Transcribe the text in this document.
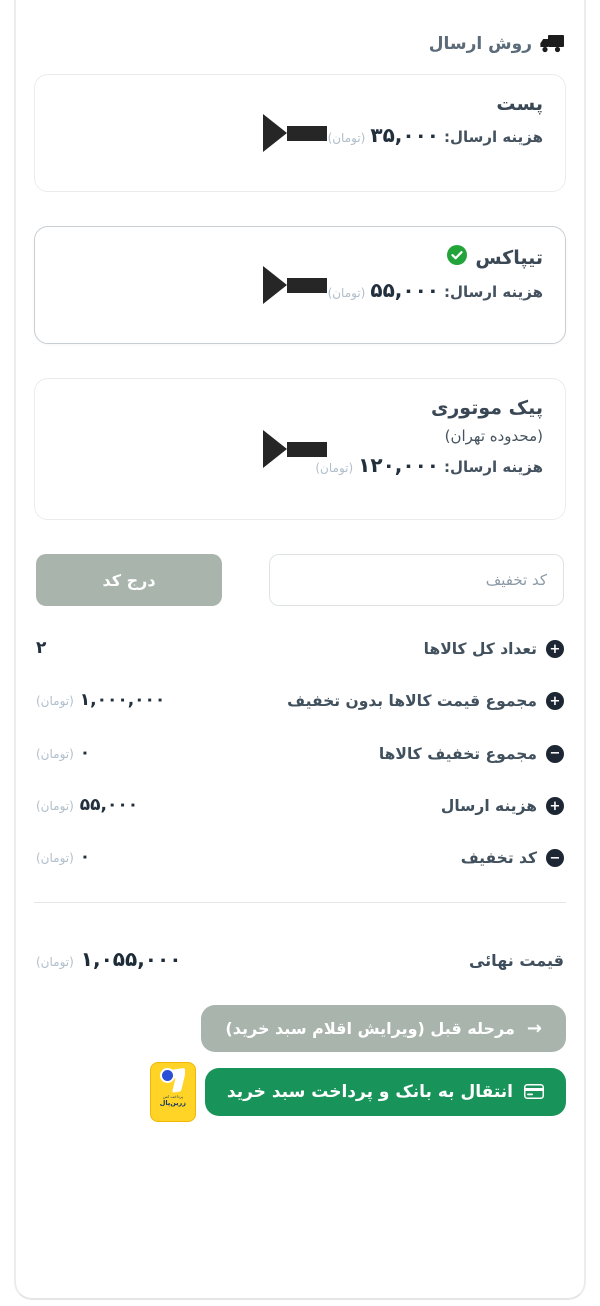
روش ارسال
پست
هزینه ارسال:
۳۵,۰۰۰
(تومان)
تیپاکس
هزینه ارسال:
۵۵,۰۰۰
(تومان)
پیک موتوری
(محدوده تهران)
هزینه ارسال:
۱۲۰,۰۰۰
(تومان)
کد تخفیف
درج کد
+
تعداد کل کالاها
۲
+
مجموع قیمت کالاها بدون تخفیف
۱,۰۰۰,۰۰۰ (تومان)
−
مجموع تخفیف کالاها
۰ (تومان)
+
هزینه ارسال
۵۵,۰۰۰ (تومان)
−
کد تخفیف
۰ (تومان)
قیمت نهائی
۱,۰۵۵,۰۰۰ (تومان)
→
مرحله قبل (ویرایش اقلام سبد خرید)
انتقال به بانک و پرداخت سبد خرید
پرداخت امن
زرین‌پال
